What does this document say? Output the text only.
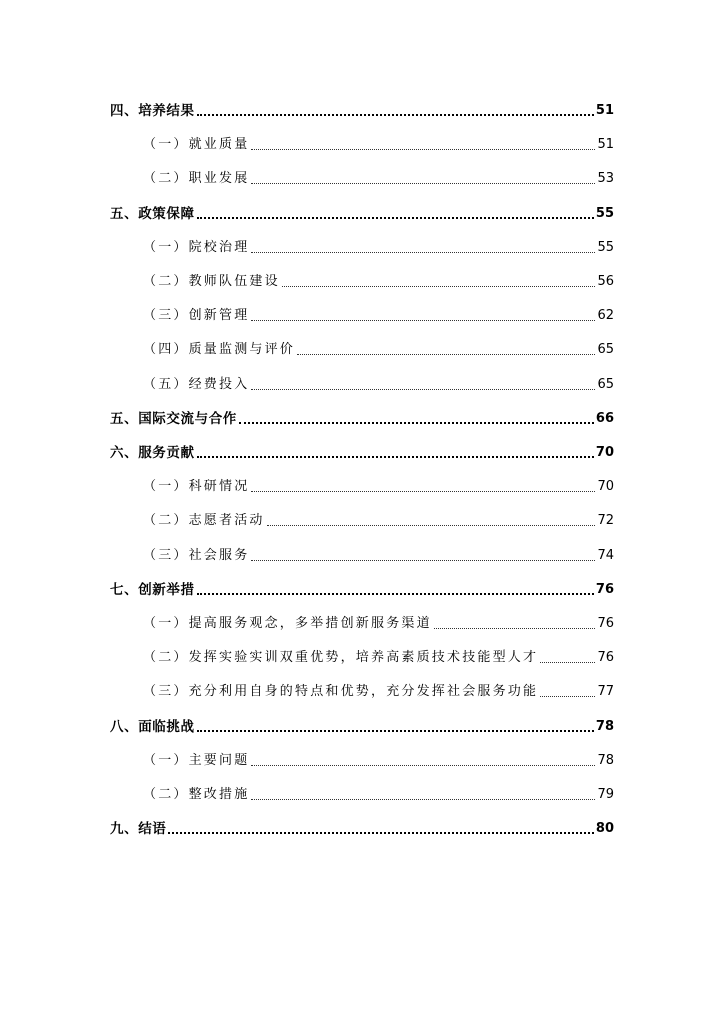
四、培养结果	51
（一）就业质量	51
（二）职业发展	53
五、政策保障	55
（一）院校治理	55
（二）教师队伍建设	56
（三）创新管理	62
（四）质量监测与评价	65
（五）经费投入	65
五、国际交流与合作	66
六、服务贡献	70
（一）科研情况	70
（二）志愿者活动	72
（三）社会服务	74
七、创新举措	76
（一）提高服务观念，多举措创新服务渠道	76
（二）发挥实验实训双重优势，培养高素质技术技能型人才	76
（三）充分利用自身的特点和优势，充分发挥社会服务功能	77
八、面临挑战	78
（一）主要问题	78
（二）整改措施	79
九、结语	80
